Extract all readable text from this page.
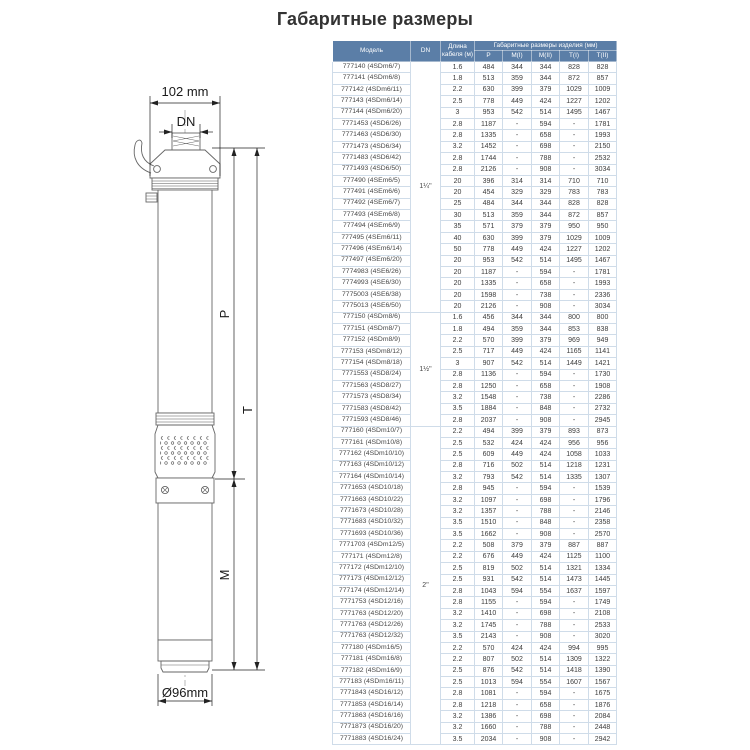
Габаритные размеры
102 mm
DN
P
T
M
Ø96mm
Модель	DN	Длина кабеля (м)	Габаритные размеры изделия (мм)				
			P	М(I)	М(II)	Т(I)	Т(II)
777140 (4SDm6/7)	1¼"	1.6	484	344	344	828	828
777141 (4SDm6/8)		1.8	513	359	344	872	857
777142 (4SDm6/11)		2.2	630	399	379	1029	1009
777143 (4SDm6/14)		2.5	778	449	424	1227	1202
777144 (4SDm6/20)		3	953	542	514	1495	1467
7771453 (4SD6/26)		2.8	1187	-	594	-	1781
7771463 (4SD6/30)		2.8	1335	-	658	-	1993
7771473 (4SD6/34)		3.2	1452	-	698	-	2150
7771483 (4SD6/42)		2.8	1744	-	788	-	2532
7771493 (4SD6/50)		2.8	2126	-	908	-	3034
777490 (4SEm6/5)		20	396	314	314	710	710
777491 (4SEm6/6)		20	454	329	329	783	783
777492 (4SEm6/7)		25	484	344	344	828	828
777493 (4SEm6/8)		30	513	359	344	872	857
777494 (4SEm6/9)		35	571	379	379	950	950
777495 (4SEm6/11)		40	630	399	379	1029	1009
777496 (4SEm6/14)		50	778	449	424	1227	1202
777497 (4SEm6/20)		20	953	542	514	1495	1467
7774983 (4SE6/26)		20	1187	-	594	-	1781
7774993 (4SE6/30)		20	1335	-	658	-	1993
7775003 (4SE6/38)		20	1598	-	738	-	2336
7775013 (4SE6/50)		20	2126	-	908	-	3034
777150 (4SDm8/6)	1½"	1.6	456	344	344	800	800
777151 (4SDm8/7)		1.8	494	359	344	853	838
777152 (4SDm8/9)		2.2	570	399	379	969	949
777153 (4SDm8/12)		2.5	717	449	424	1165	1141
777154 (4SDm8/18)		3	907	542	514	1449	1421
7771553 (4SD8/24)		2.8	1136	-	594	-	1730
7771563 (4SD8/27)		2.8	1250	-	658	-	1908
7771573 (4SD8/34)		3.2	1548	-	738	-	2286
7771583 (4SD8/42)		3.5	1884	-	848	-	2732
7771593 (4SD8/46)		2.8	2037	-	908	-	2945
777160 (4SDm10/7)	2"	2.2	494	399	379	893	873
777161 (4SDm10/8)		2.5	532	424	424	956	956
777162 (4SDm10/10)		2.5	609	449	424	1058	1033
777163 (4SDm10/12)		2.8	716	502	514	1218	1231
777164 (4SDm10/14)		3.2	793	542	514	1335	1307
7771653 (4SD10/18)		2.8	945	-	594	-	1539
7771663 (4SD10/22)		3.2	1097	-	698	-	1796
7771673 (4SD10/28)		3.2	1357	-	788	-	2146
7771683 (4SD10/32)		3.5	1510	-	848	-	2358
7771693 (4SD10/36)		3.5	1662	-	908	-	2570
7771703 (4SDm12/5)		2.2	508	379	379	887	887
777171 (4SDm12/8)		2.2	676	449	424	1125	1100
777172 (4SDm12/10)		2.5	819	502	514	1321	1334
777173 (4SDm12/12)		2.5	931	542	514	1473	1445
777174 (4SDm12/14)		2.8	1043	594	554	1637	1597
7771753 (4SD12/16)		2.8	1155	-	594	-	1749
7771763 (4SD12/20)		3.2	1410	-	698	-	2108
7771763 (4SD12/26)		3.2	1745	-	788	-	2533
7771763 (4SD12/32)		3.5	2143	-	908	-	3020
777180 (4SDm16/5)		2.2	570	424	424	994	995
777181 (4SDm16/8)		2.2	807	502	514	1309	1322
777182 (4SDm16/9)		2.5	876	542	514	1418	1390
777183 (4SDm16/11)		2.5	1013	594	554	1607	1567
7771843 (4SD16/12)		2.8	1081	-	594	-	1675
7771853 (4SD16/14)		2.8	1218	-	658	-	1876
7771863 (4SD16/16)		3.2	1386	-	698	-	2084
7771873 (4SD16/20)		3.2	1660	-	788	-	2448
7771883 (4SD16/24)		3.5	2034	-	908	-	2942
